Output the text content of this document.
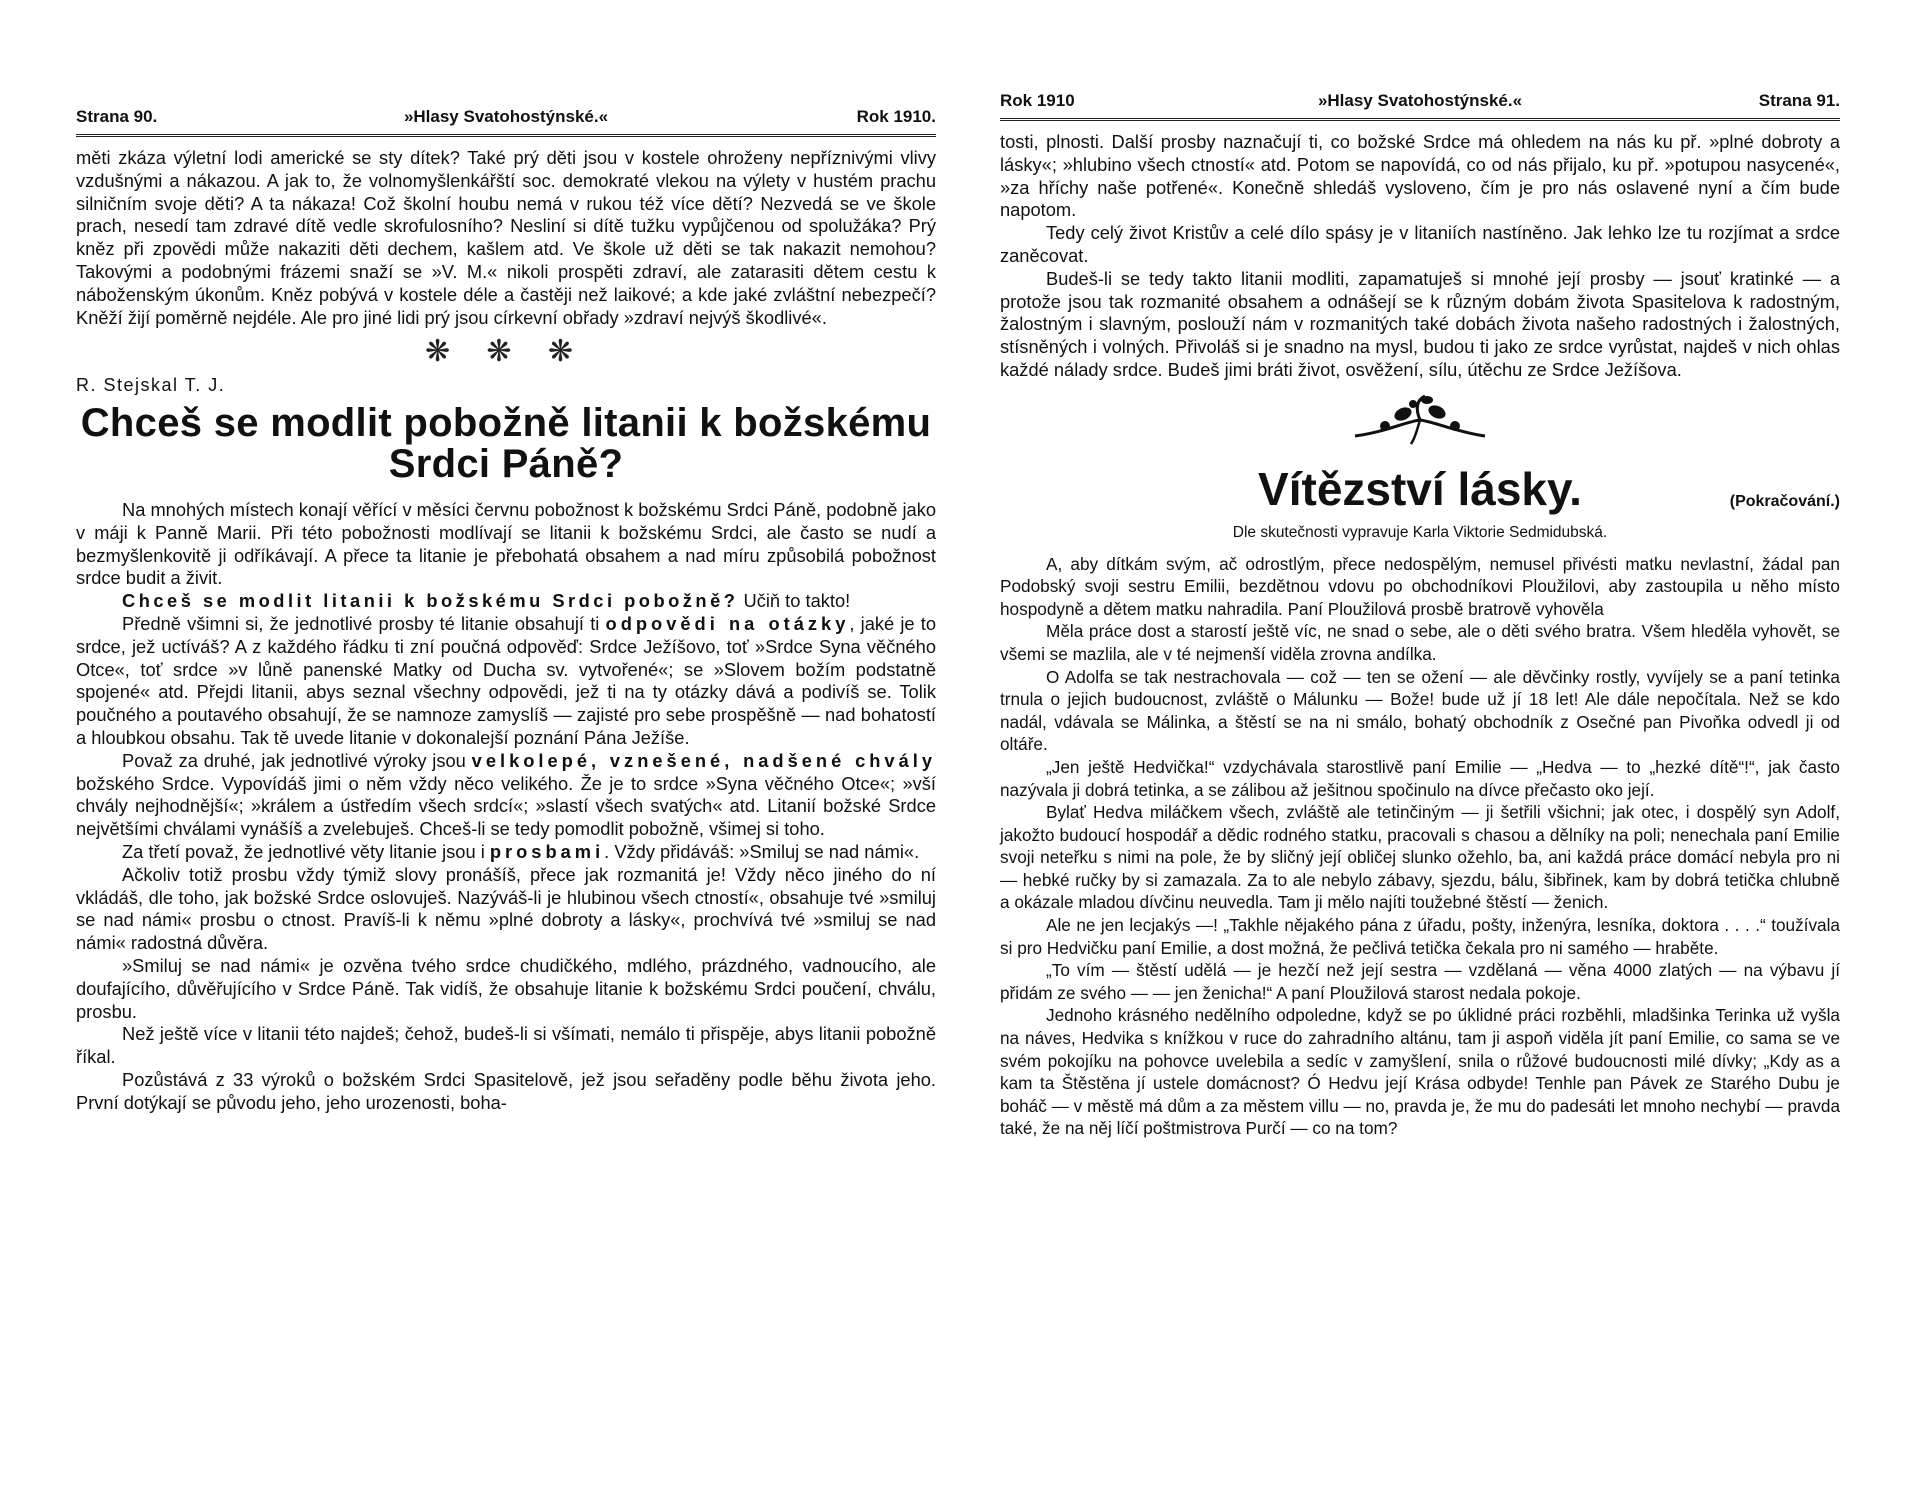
Strana 90.	»Hlasy Svatohostýnské.«	Rok 1910.

měti zkáza výletní lodi americké se sty dítek? Také prý děti jsou v kostele ohroženy nepříznivými vlivy vzdušnými a nákazou. A jak to, že volnomyšlenkářští soc. demokraté vlekou na výlety v hustém prachu silničním svoje děti? A ta nákaza! Což školní houbu nemá v rukou též více dětí? Nezvedá se ve škole prach, nesedí tam zdravé dítě vedle skrofulosního? Nesliní si dítě tužku vypůjčenou od spolužáka? Prý kněz při zpovědi může nakaziti děti dechem, kašlem atd. Ve škole už děti se tak nakazit nemohou? Takovými a podobnými frázemi snaží se »V. M.« nikoli prospěti zdraví, ale zatarasiti dětem cestu k náboženským úkonům. Kněz pobývá v kostele déle a častěji než laikové; a kde jaké zvláštní nebezpečí? Kněží žijí poměrně nejdéle. Ale pro jiné lidi prý jsou církevní obřady »zdraví nejvýš škodlivé«.

❋ ❋ ❋
R. Stejskal T. J.
Chceš se modlit pobožně litanii k božskému Srdci Páně?

Na mnohých místech konají věřící v měsíci červnu pobožnost k božskému Srdci Páně, podobně jako v máji k Panně Marii. Při této pobožnosti modlívají se litanii k božskému Srdci, ale často se nudí a bezmyšlenkovitě ji odříkávají. A přece ta litanie je přebohatá obsahem a nad míru způsobilá pobožnost srdce budit a živit.

Chceš se modlit litanii k božskému Srdci pobožně? Učiň to takto!

Předně všimni si, že jednotlivé prosby té litanie obsahují ti odpovědi na otázky, jaké je to srdce, jež uctíváš? A z každého řádku ti zní poučná odpověď: Srdce Ježíšovo, toť »Srdce Syna věčného Otce«, toť srdce »v lůně panenské Matky od Ducha sv. vytvořené«; se »Slovem božím podstatně spojené« atd. Přejdi litanii, abys seznal všechny odpovědi, jež ti na ty otázky dává a podivíš se. Tolik poučného a poutavého obsahují, že se namnoze zamyslíš — zajisté pro sebe prospěšně — nad bohatostí a hloubkou obsahu. Tak tě uvede litanie v dokonalejší poznání Pána Ježíše.

Považ za druhé, jak jednotlivé výroky jsou velkolepé, vznešené, nadšené chvály božského Srdce. Vypovídáš jimi o něm vždy něco velikého. Že je to srdce »Syna věčného Otce«; »vší chvály nejhodnější«; »králem a ústředím všech srdcí«; »slastí všech svatých« atd. Litanií božské Srdce největšími chválami vynášíš a zvelebuješ. Chceš-li se tedy pomodlit pobožně, všimej si toho.

Za třetí považ, že jednotlivé věty litanie jsou i prosbami. Vždy přidáváš: »Smiluj se nad námi«.

Ačkoliv totiž prosbu vždy týmiž slovy pronášíš, přece jak rozmanitá je! Vždy něco jiného do ní vkládáš, dle toho, jak božské Srdce oslovuješ. Nazýváš-li je hlubinou všech ctností«, obsahuje tvé »smiluj se nad námi« prosbu o ctnost. Pravíš-li k němu »plné dobroty a lásky«, prochvívá tvé »smiluj se nad námi« radostná důvěra.

»Smiluj se nad námi« je ozvěna tvého srdce chudičkého, mdlého, prázdného, vadnoucího, ale doufajícího, důvěřujícího v Srdce Páně. Tak vidíš, že obsahuje litanie k božskému Srdci poučení, chválu, prosbu.

Než ještě více v litanii této najdeš; čehož, budeš-li si všímati, nemálo ti přispěje, abys litanii pobožně říkal.

Pozůstává z 33 výroků o božském Srdci Spasitelově, jež jsou seřaděny podle běhu života jeho. První dotýkají se původu jeho, jeho urozenosti, boha-

Rok 1910	»Hlasy Svatohostýnské.«	Strana 91.

tosti, plnosti. Další prosby naznačují ti, co božské Srdce má ohledem na nás ku př. »plné dobroty a lásky«; »hlubino všech ctností« atd. Potom se napovídá, co od nás přijalo, ku př. »potupou nasycené«, »za hříchy naše potřené«. Konečně shledáš vysloveno, čím je pro nás oslavené nyní a čím bude napotom.

Tedy celý život Kristův a celé dílo spásy je v litaniích nastíněno. Jak lehko lze tu rozjímat a srdce zaněcovat.

Budeš-li se tedy takto litanii modliti, zapamatuješ si mnohé její prosby — jsouť kratinké — a protože jsou tak rozmanité obsahem a odnášejí se k různým dobám života Spasitelova k radostným, žalostným i slavným, poslouží nám v rozmanitých také dobách života našeho radostných i žalostných, stísněných i volných. Přivoláš si je snadno na mysl, budou ti jako ze srdce vyrůstat, najdeš v nich ohlas každé nálady srdce. Budeš jimi bráti život, osvěžení, sílu, útěchu ze Srdce Ježíšova.

Vítězství lásky.	(Pokračování.)
Dle skutečnosti vypravuje Karla Viktorie Sedmidubská.

A, aby dítkám svým, ač odrostlým, přece nedospělým, nemusel přivésti matku nevlastní, žádal pan Podobský svoji sestru Emilii, bezdětnou vdovu po obchodníkovi Ploužilovi, aby zastoupila u něho místo hospodyně a dětem matku nahradila. Paní Ploužilová prosbě bratrově vyhověla

Měla práce dost a starostí ještě víc, ne snad o sebe, ale o děti svého bratra. Všem hleděla vyhovět, se všemi se mazlila, ale v té nejmenší viděla zrovna andílka.

O Adolfa se tak nestrachovala — což — ten se ožení — ale děvčinky rostly, vyvíjely se a paní tetinka trnula o jejich budoucnost, zvláště o Málunku — Bože! bude už jí 18 let! Ale dále nepočítala. Než se kdo nadál, vdávala se Málinka, a štěstí se na ni smálo, bohatý obchodník z Osečné pan Pivoňka odvedl ji od oltáře.

„Jen ještě Hedvička!“ vzdychávala starostlivě paní Emilie — „Hedva — to „hezké dítě“!“, jak často nazývala ji dobrá tetinka, a se zálibou až ješitnou spočinulo na dívce přečasto oko její.

Bylať Hedva miláčkem všech, zvláště ale tetinčiným — ji šetřili všichni; jak otec, i dospělý syn Adolf, jakožto budoucí hospodář a dědic rodného statku, pracovali s chasou a dělníky na poli; nenechala paní Emilie svoji neteřku s nimi na pole, že by sličný její obličej slunko ožehlo, ba, ani každá práce domácí nebyla pro ni — hebké ručky by si zamazala. Za to ale nebylo zábavy, sjezdu, bálu, šibřinek, kam by dobrá tetička chlubně a okázale mladou dívčinu neuvedla. Tam ji mělo najíti toužebné štěstí — ženich.

Ale ne jen lecjakýs —! „Takhle nějakého pána z úřadu, pošty, inženýra, lesníka, doktora . . . .“ toužívala si pro Hedvičku paní Emilie, a dost možná, že pečlivá tetička čekala pro ni samého — hraběte.

„To vím — štěstí udělá — je hezčí než její sestra — vzdělaná — věna 4000 zlatých — na výbavu jí přidám ze svého — — jen ženicha!“ A paní Ploužilová starost nedala pokoje.

Jednoho krásného nedělního odpoledne, když se po úklidné práci rozběhli, mladšinka Terinka už vyšla na náves, Hedvika s knížkou v ruce do zahradního altánu, tam ji aspoň viděla jít paní Emilie, co sama se ve svém pokojíku na pohovce uvelebila a sedíc v zamyšlení, snila o růžové budoucnosti milé dívky; „Kdy as a kam ta Štěstěna jí ustele domácnost? Ó Hedvu její Krása odbyde! Tenhle pan Pávek ze Starého Dubu je boháč — v městě má dům a za městem villu — no, pravda je, že mu do padesáti let mnoho nechybí — pravda také, že na něj líčí poštmistrova Purčí — co na tom?
